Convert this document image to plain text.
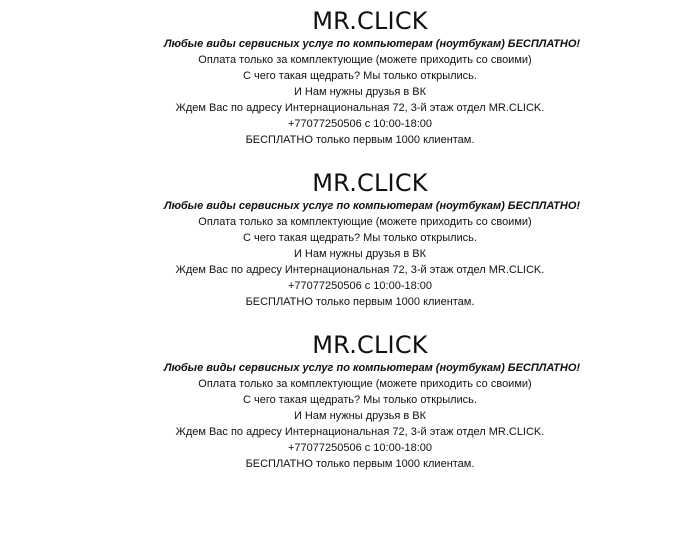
MR.CLICK
Любые виды сервисных услуг по компьютерам (ноутбукам) БЕСПЛАТНО!
Оплата только за комплектующие (можете приходить со своими)
С чего такая щедрать? Мы только открылись.
И Нам нужны друзья в ВК
Ждем Вас по адресу Интернациональная 72, 3-й этаж отдел MR.CLICK.
+77077250506 с 10:00-18:00
БЕСПЛАТНО только первым 1000 клиентам.
MR.CLICK
Любые виды сервисных услуг по компьютерам (ноутбукам) БЕСПЛАТНО!
Оплата только за комплектующие (можете приходить со своими)
С чего такая щедрать? Мы только открылись.
И Нам нужны друзья в ВК
Ждем Вас по адресу Интернациональная 72, 3-й этаж отдел MR.CLICK.
+77077250506 с 10:00-18:00
БЕСПЛАТНО только первым 1000 клиентам.
MR.CLICK
Любые виды сервисных услуг по компьютерам (ноутбукам) БЕСПЛАТНО!
Оплата только за комплектующие (можете приходить со своими)
С чего такая щедрать? Мы только открылись.
И Нам нужны друзья в ВК
Ждем Вас по адресу Интернациональная 72, 3-й этаж отдел MR.CLICK.
+77077250506 с 10:00-18:00
БЕСПЛАТНО только первым 1000 клиентам.
